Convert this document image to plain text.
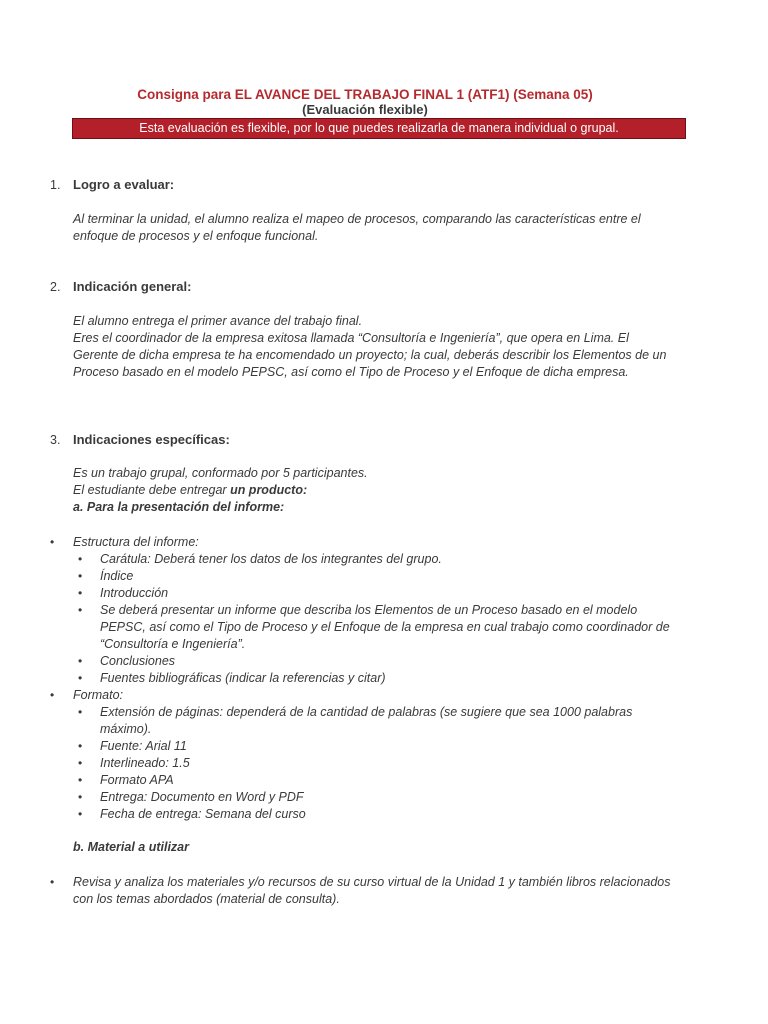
Consigna para EL AVANCE DEL TRABAJO FINAL 1 (ATF1) (Semana 05)
(Evaluación flexible)
Esta evaluación es flexible, por lo que puedes realizarla de manera individual o grupal.
1. Logro a evaluar:
Al terminar la unidad, el alumno realiza el mapeo de procesos, comparando las características entre el enfoque de procesos y el enfoque funcional.
2. Indicación general:

El alumno entrega el primer avance del trabajo final.

Eres el coordinador de la empresa exitosa llamada “Consultoría e Ingeniería”, que opera en Lima. El Gerente de dicha empresa te ha encomendado un proyecto; la cual, deberás describir los Elementos de un Proceso basado en el modelo PEPSC, así como el Tipo de Proceso y el Enfoque de dicha empresa.

3. Indicaciones específicas:

Es un trabajo grupal, conformado por 5 participantes.

El estudiante debe entregar un producto:

a. Para la presentación del informe:

• Estructura del informe:
• Carátula: Deberá tener los datos de los integrantes del grupo.
• Índice
• Introducción
• Se deberá presentar un informe que describa los Elementos de un Proceso basado en el modelo PEPSC, así como el Tipo de Proceso y el Enfoque de la empresa en cual trabajo como coordinador de “Consultoría e Ingeniería”.
• Conclusiones
• Fuentes bibliográficas (indicar la referencias y citar)
• Formato:
• Extensión de páginas: dependerá de la cantidad de palabras (se sugiere que sea 1000 palabras máximo).
• Fuente: Arial 11
• Interlineado: 1.5
• Formato APA
• Entrega: Documento en Word y PDF
• Fecha de entrega: Semana del curso
b. Material a utilizar
• Revisa y analiza los materiales y/o recursos de su curso virtual de la Unidad 1 y también libros relacionados con los temas abordados (material de consulta).
